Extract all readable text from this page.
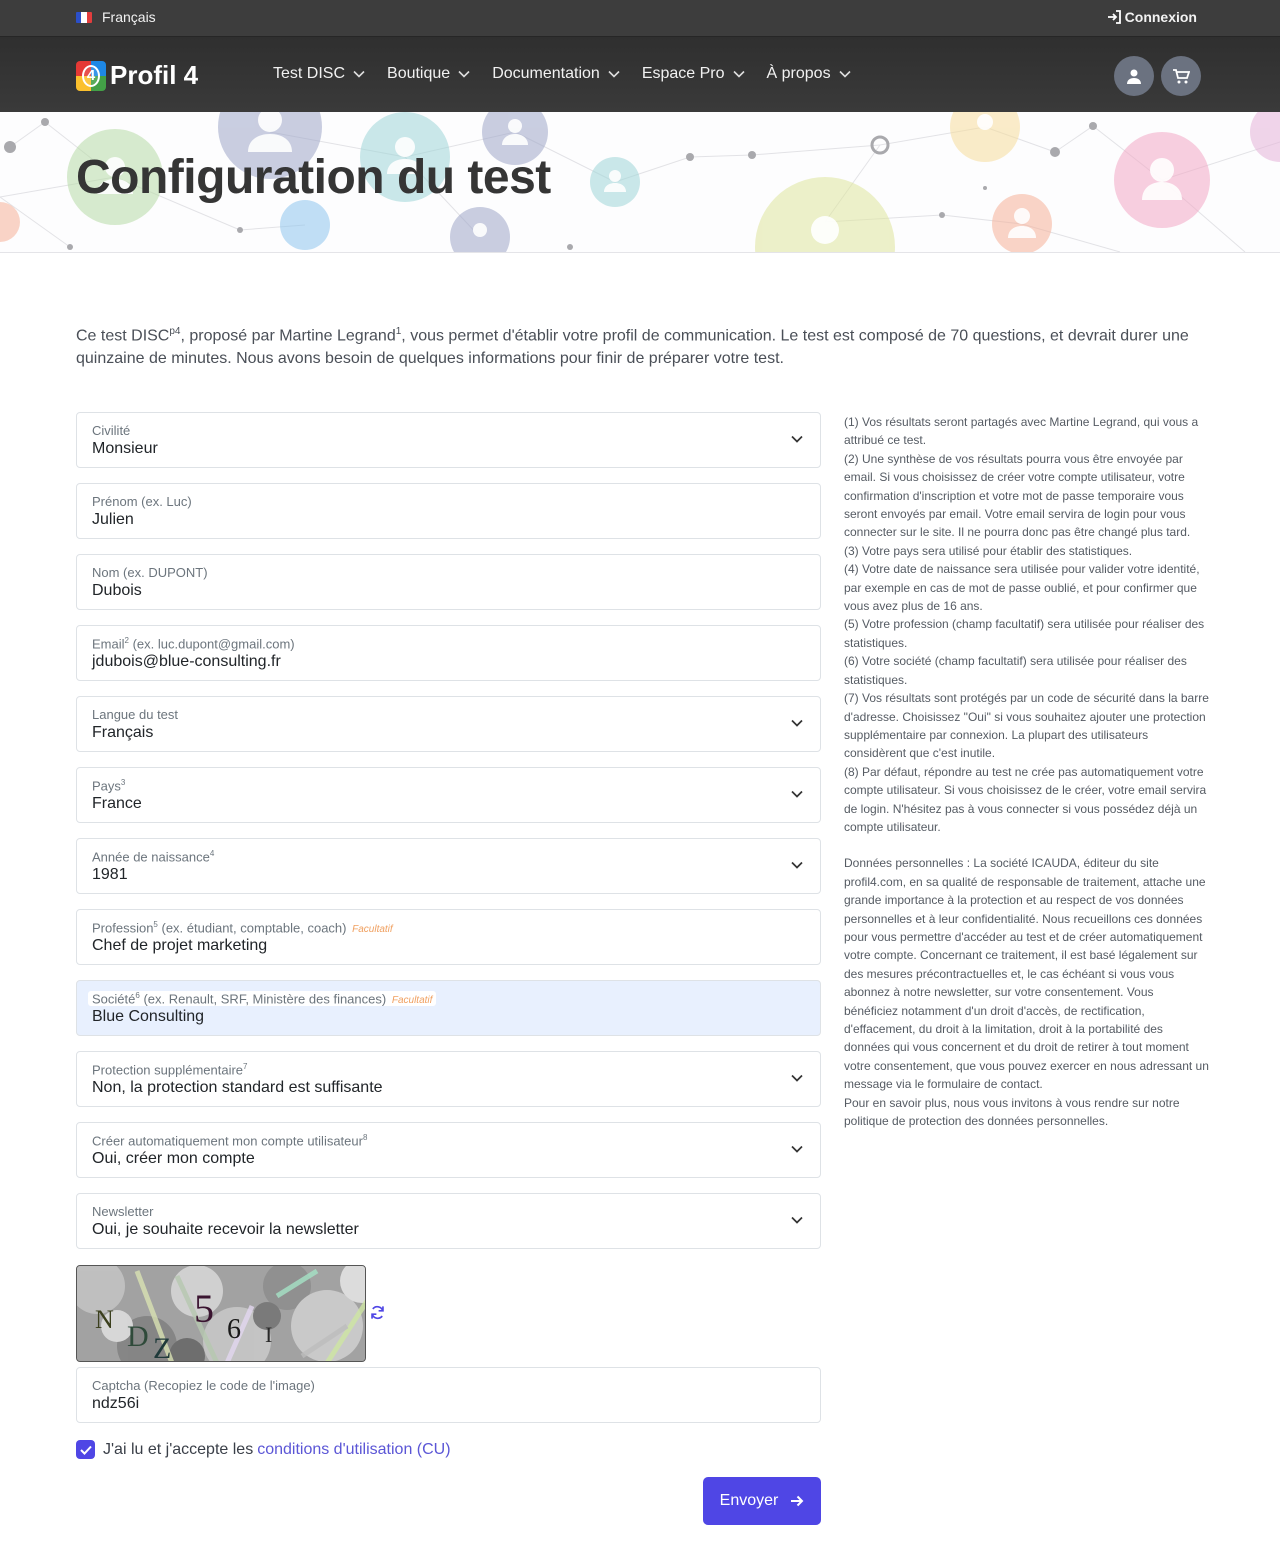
Français	Connexion
4 Profil 4	Test DISC	Boutique	Documentation	Espace Pro	À propos
Configuration du test

Ce test $DISC^{p4}$, proposé par Martine Legrand$^1$, vous permet d'établir votre profil de communication. Le test est composé de 70 questions, et devrait durer une quinzaine de minutes. Nous avons besoin de quelques informations pour finir de préparer votre test.

Civilité
Monsieur
Prénom (ex. Luc)
Julien
Nom (ex. DUPONT)
Dubois
Email$^2$ (ex. luc.dupont@gmail.com)
jdubois@blue-consulting.fr
Langue du test
Français
Pays$^3$
France
Année de naissance$^4$
1981
Profession$^5$ (ex. étudiant, comptable, coach) Facultatif
Chef de projet marketing
Société$^6$ (ex. Renault, SRF, Ministère des finances) Facultatif
Blue Consulting
Protection supplémentaire$^7$
Non, la protection standard est suffisante
Créer automatiquement mon compte utilisateur$^8$
Oui, créer mon compte
Newsletter
Oui, je souhaite recevoir la newsletter
N
D Z
5 6 I
Captcha (Recopiez le code de l'image)
ndz56i
J'ai lu et j'accepte les conditions d'utilisation (CU)
Envoyer

(1) Vos résultats seront partagés avec Martine Legrand, qui vous a attribué ce test.

(2) Une synthèse de vos résultats pourra vous être envoyée par email. Si vous choisissez de créer votre compte utilisateur, votre confirmation d'inscription et votre mot de passe temporaire vous seront envoyés par email. Votre email servira de login pour vous connecter sur le site. Il ne pourra donc pas être changé plus tard.

(3) Votre pays sera utilisé pour établir des statistiques.

(4) Votre date de naissance sera utilisée pour valider votre identité, par exemple en cas de mot de passe oublié, et pour confirmer que vous avez plus de 16 ans.

(5) Votre profession (champ facultatif) sera utilisée pour réaliser des statistiques.

(6) Votre société (champ facultatif) sera utilisée pour réaliser des statistiques.

(7) Vos résultats sont protégés par un code de sécurité dans la barre d'adresse. Choisissez "Oui" si vous souhaitez ajouter une protection supplémentaire par connexion. La plupart des utilisateurs considèrent que c'est inutile.

(8) Par défaut, répondre au test ne crée pas automatiquement votre compte utilisateur. Si vous choisissez de le créer, votre email servira de login. N'hésitez pas à vous connecter si vous possédez déjà un compte utilisateur.

Données personnelles : La société ICAUDA, éditeur du site profil4.com, en sa qualité de responsable de traitement, attache une grande importance à la protection et au respect de vos données personnelles et à leur confidentialité. Nous recueillons ces données pour vous permettre d'accéder au test et de créer automatiquement votre compte. Concernant ce traitement, il est basé légalement sur des mesures précontractuelles et, le cas échéant si vous vous abonnez à notre newsletter, sur votre consentement. Vous bénéficiez notamment d'un droit d'accès, de rectification, d'effacement, du droit à la limitation, droit à la portabilité des données qui vous concernent et du droit de retirer à tout moment votre consentement, que vous pouvez exercer en nous adressant un message via le formulaire de contact.

Pour en savoir plus, nous vous invitons à vous rendre sur notre politique de protection des données personnelles.
